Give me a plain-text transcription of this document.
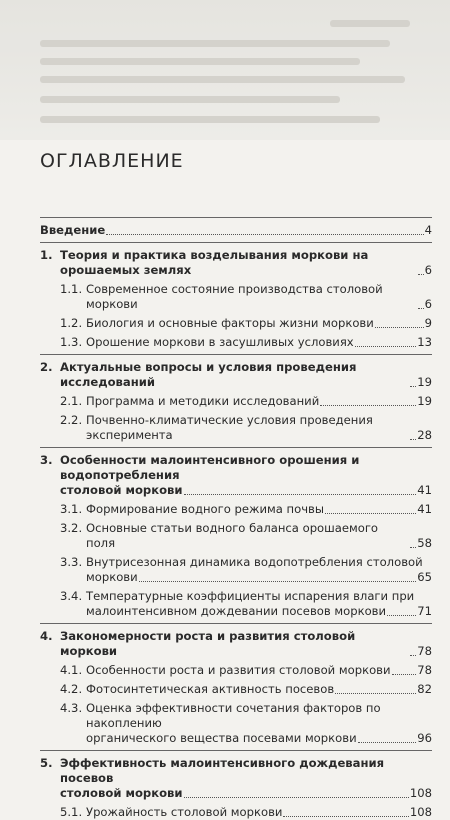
ОГЛАВЛЕНИЕ
Введение	4
1. Теория и практика возделывания моркови на орошаемых землях	6
1.1. Современное состояние производства столовой моркови	6
1.2. Биология и основные факторы жизни моркови	9
1.3. Орошение моркови в засушливых условиях	13
2. Актуальные вопросы и условия проведения исследований	19
2.1. Программа и методики исследований	19
2.2. Почвенно-климатические условия проведения эксперимента	28
3. Особенности малоинтенсивного орошения и водопотребления
столовой моркови	41
3.1. Формирование водного режима почвы	41
3.2. Основные статьи водного баланса орошаемого поля	58
3.3. Внутрисезонная динамика водопотребления столовой
моркови	65
3.4. Температурные коэффициенты испарения влаги при
малоинтенсивном дождевании посевов моркови	71
4. Закономерности роста и развития столовой моркови	78
4.1. Особенности роста и развития столовой моркови 78
4.2. Фотосинтетическая активность посевов	82
4.3. Оценка эффективности сочетания факторов по накоплению
органического вещества посевами моркови	96
5. Эффективность малоинтенсивного дождевания посевов
столовой моркови	108
5.1. Урожайность столовой моркови	108
